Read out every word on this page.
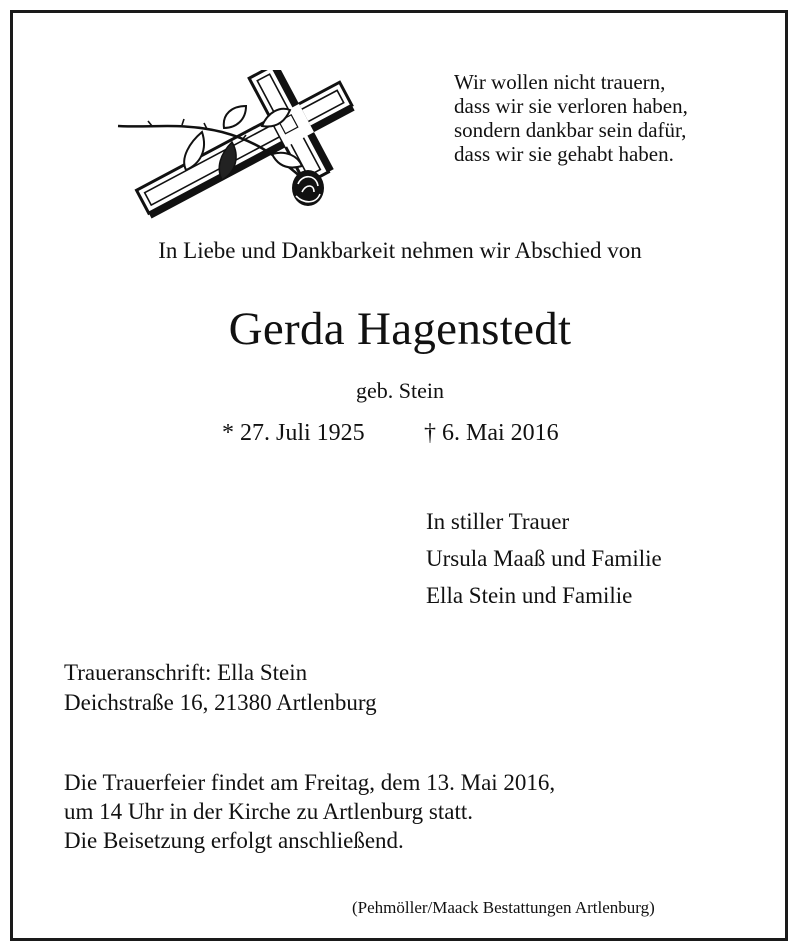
Wir wollen nicht trauern,
dass wir sie verloren haben,
sondern dankbar sein dafür,
dass wir sie gehabt haben.
In Liebe und Dankbarkeit nehmen wir Abschied von
Gerda Hagenstedt
geb. Stein
* 27. Juli 1925 † 6. Mai 2016
In stiller Trauer
Ursula Maaß und Familie
Ella Stein und Familie
Traueranschrift: Ella Stein
Deichstraße 16, 21380 Artlenburg
Die Trauerfeier findet am Freitag, dem 13. Mai 2016,
um 14 Uhr in der Kirche zu Artlenburg statt.
Die Beisetzung erfolgt anschließend.
(Pehmöller/Maack Bestattungen Artlenburg)
